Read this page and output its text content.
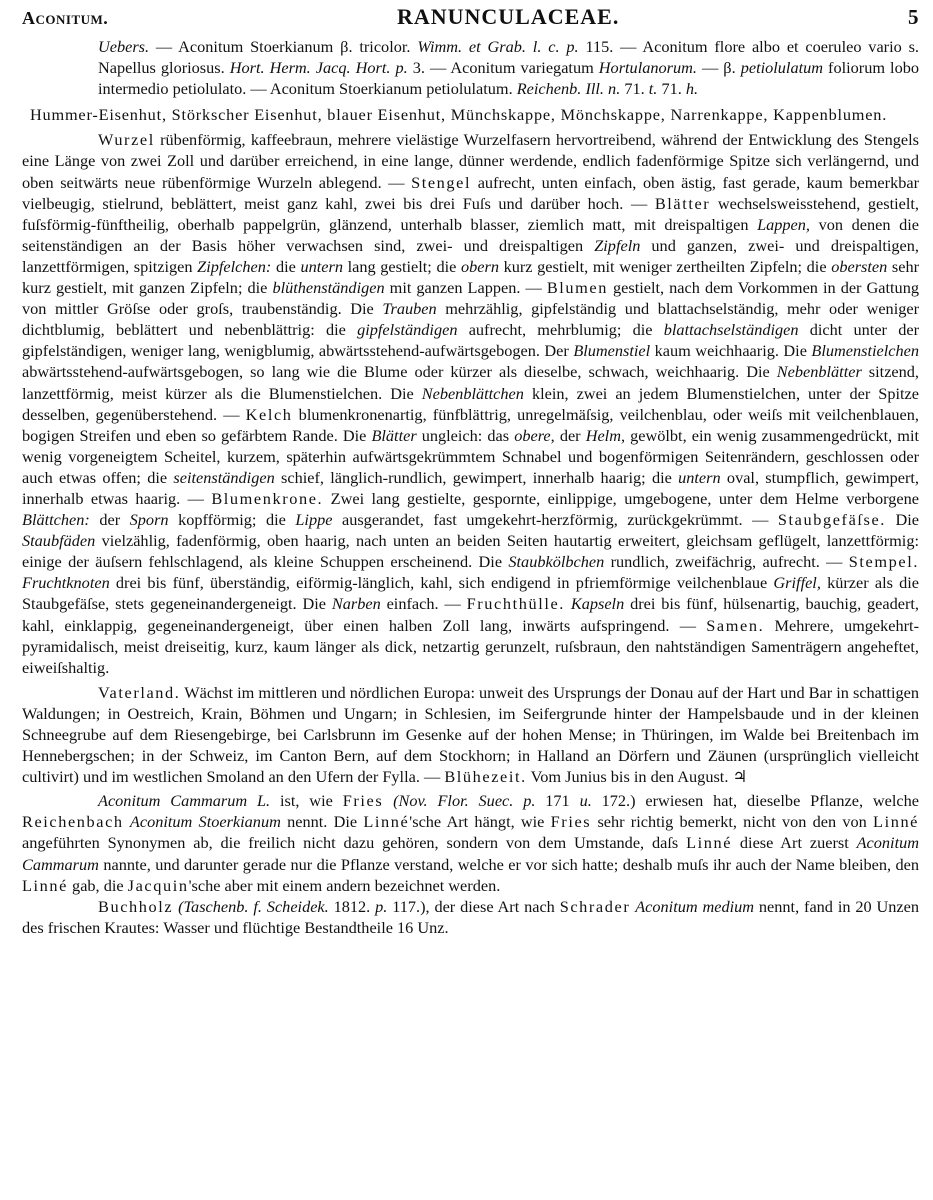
Aconitum.	RANUNCULACEAE.	5

Uebers. — Aconitum Stoerkianum β. tricolor. Wimm. et Grab. l. c. p. 115. — Aconitum flore albo et coeruleo vario s. Napellus gloriosus. Hort. Herm. Jacq. Hort. p. 3. — Aconitum variegatum Hortulanorum. — β. petiolulatum foliorum lobo intermedio petiolulato. — Aconitum Stoerkianum petiolulatum. Reichenb. Ill. n. 71. t. 71. h.

Hummer-Eisenhut, Störkscher Eisenhut, blauer Eisenhut, Münchskappe, Mönchskappe, Narrenkappe, Kappenblumen.

Wurzel rübenförmig, kaffeebraun, mehrere vielästige Wurzelfasern hervortreibend, während der Entwicklung des Stengels eine Länge von zwei Zoll und darüber erreichend, in eine lange, dünner werdende, endlich fadenförmige Spitze sich verlängernd, und oben seitwärts neue rübenförmige Wurzeln ablegend. — Stengel aufrecht, unten einfach, oben ästig, fast gerade, kaum bemerkbar vielbeugig, stielrund, beblättert, meist ganz kahl, zwei bis drei Fuſs und darüber hoch. — Blätter wechselsweisstehend, gestielt, fuſsförmig-fünftheilig, oberhalb pappelgrün, glänzend, unterhalb blasser, ziemlich matt, mit dreispaltigen Lappen, von denen die seitenständigen an der Basis höher verwachsen sind, zwei- und dreispaltigen Zipfeln und ganzen, zwei- und dreispaltigen, lanzettförmigen, spitzigen Zipfelchen: die untern lang gestielt; die obern kurz gestielt, mit weniger zertheilten Zipfeln; die obersten sehr kurz gestielt, mit ganzen Zipfeln; die blüthenständigen mit ganzen Lappen. — Blumen gestielt, nach dem Vorkommen in der Gattung von mittler Gröſse oder groſs, traubenständig. Die Trauben mehrzählig, gipfelständig und blattachselständig, mehr oder weniger dichtblumig, beblättert und nebenblättrig: die gipfelständigen aufrecht, mehrblumig; die blattachselständigen dicht unter der gipfelständigen, weniger lang, wenigblumig, abwärtsstehend-aufwärtsgebogen. Der Blumenstiel kaum weichhaarig. Die Blumenstielchen abwärtsstehend-aufwärtsgebogen, so lang wie die Blume oder kürzer als dieselbe, schwach, weichhaarig. Die Nebenblätter sitzend, lanzettförmig, meist kürzer als die Blumenstielchen. Die Nebenblättchen klein, zwei an jedem Blumenstielchen, unter der Spitze desselben, gegenüberstehend. — Kelch blumenkronenartig, fünfblättrig, unregelmäſsig, veilchenblau, oder weiſs mit veilchenblauen, bogigen Streifen und eben so gefärbtem Rande. Die Blätter ungleich: das obere, der Helm, gewölbt, ein wenig zusammengedrückt, mit wenig vorgeneigtem Scheitel, kurzem, späterhin aufwärtsgekrümmtem Schnabel und bogenförmigen Seitenrändern, geschlossen oder auch etwas offen; die seitenständigen schief, länglich-rundlich, gewimpert, innerhalb haarig; die untern oval, stumpflich, gewimpert, innerhalb etwas haarig. — Blumenkrone. Zwei lang gestielte, gespornte, einlippige, umgebogene, unter dem Helme verborgene Blättchen: der Sporn kopfförmig; die Lippe ausgerandet, fast umgekehrt-herzförmig, zurückgekrümmt. — Staubgefäſse. Die Staubfäden vielzählig, fadenförmig, oben haarig, nach unten an beiden Seiten hautartig erweitert, gleichsam geflügelt, lanzettförmig: einige der äuſsern fehlschlagend, als kleine Schuppen erscheinend. Die Staubkölbchen rundlich, zweifächrig, aufrecht. — Stempel. Fruchtknoten drei bis fünf, überständig, eiförmig-länglich, kahl, sich endigend in pfriemförmige veilchenblaue Griffel, kürzer als die Staubgefäſse, stets gegeneinandergeneigt. Die Narben einfach. — Fruchthülle. Kapseln drei bis fünf, hülsenartig, bauchig, geadert, kahl, einklappig, gegeneinandergeneigt, über einen halben Zoll lang, inwärts aufspringend. — Samen. Mehrere, umgekehrt-pyramidalisch, meist dreiseitig, kurz, kaum länger als dick, netzartig gerunzelt, ruſsbraun, den nahtständigen Samenträgern angeheftet, eiweiſshaltig.

Vaterland. Wächst im mittleren und nördlichen Europa: unweit des Ursprungs der Donau auf der Hart und Bar in schattigen Waldungen; in Oestreich, Krain, Böhmen und Ungarn; in Schlesien, im Seifergrunde hinter der Hampelsbaude und in der kleinen Schneegrube auf dem Riesengebirge, bei Carlsbrunn im Gesenke auf der hohen Mense; in Thüringen, im Walde bei Breitenbach im Hennebergschen; in der Schweiz, im Canton Bern, auf dem Stockhorn; in Halland an Dörfern und Zäunen (ursprünglich vielleicht cultivirt) und im westlichen Smoland an den Ufern der Fylla. — Blühezeit. Vom Junius bis in den August. ♃

Aconitum Cammarum L. ist, wie Fries (Nov. Flor. Suec. p. 171 u. 172.) erwiesen hat, dieselbe Pflanze, welche Reichenbach Aconitum Stoerkianum nennt. Die Linné'sche Art hängt, wie Fries sehr richtig bemerkt, nicht von den von Linné angeführten Synonymen ab, die freilich nicht dazu gehören, sondern von dem Umstande, daſs Linné diese Art zuerst Aconitum Cammarum nannte, und darunter gerade nur die Pflanze verstand, welche er vor sich hatte; deshalb muſs ihr auch der Name bleiben, den Linné gab, die Jacquin'sche aber mit einem andern bezeichnet werden.

Buchholz (Taschenb. f. Scheidek. 1812. p. 117.), der diese Art nach Schrader Aconitum medium nennt, fand in 20 Unzen des frischen Krautes: Wasser und flüchtige Bestandtheile 16 Unz.
